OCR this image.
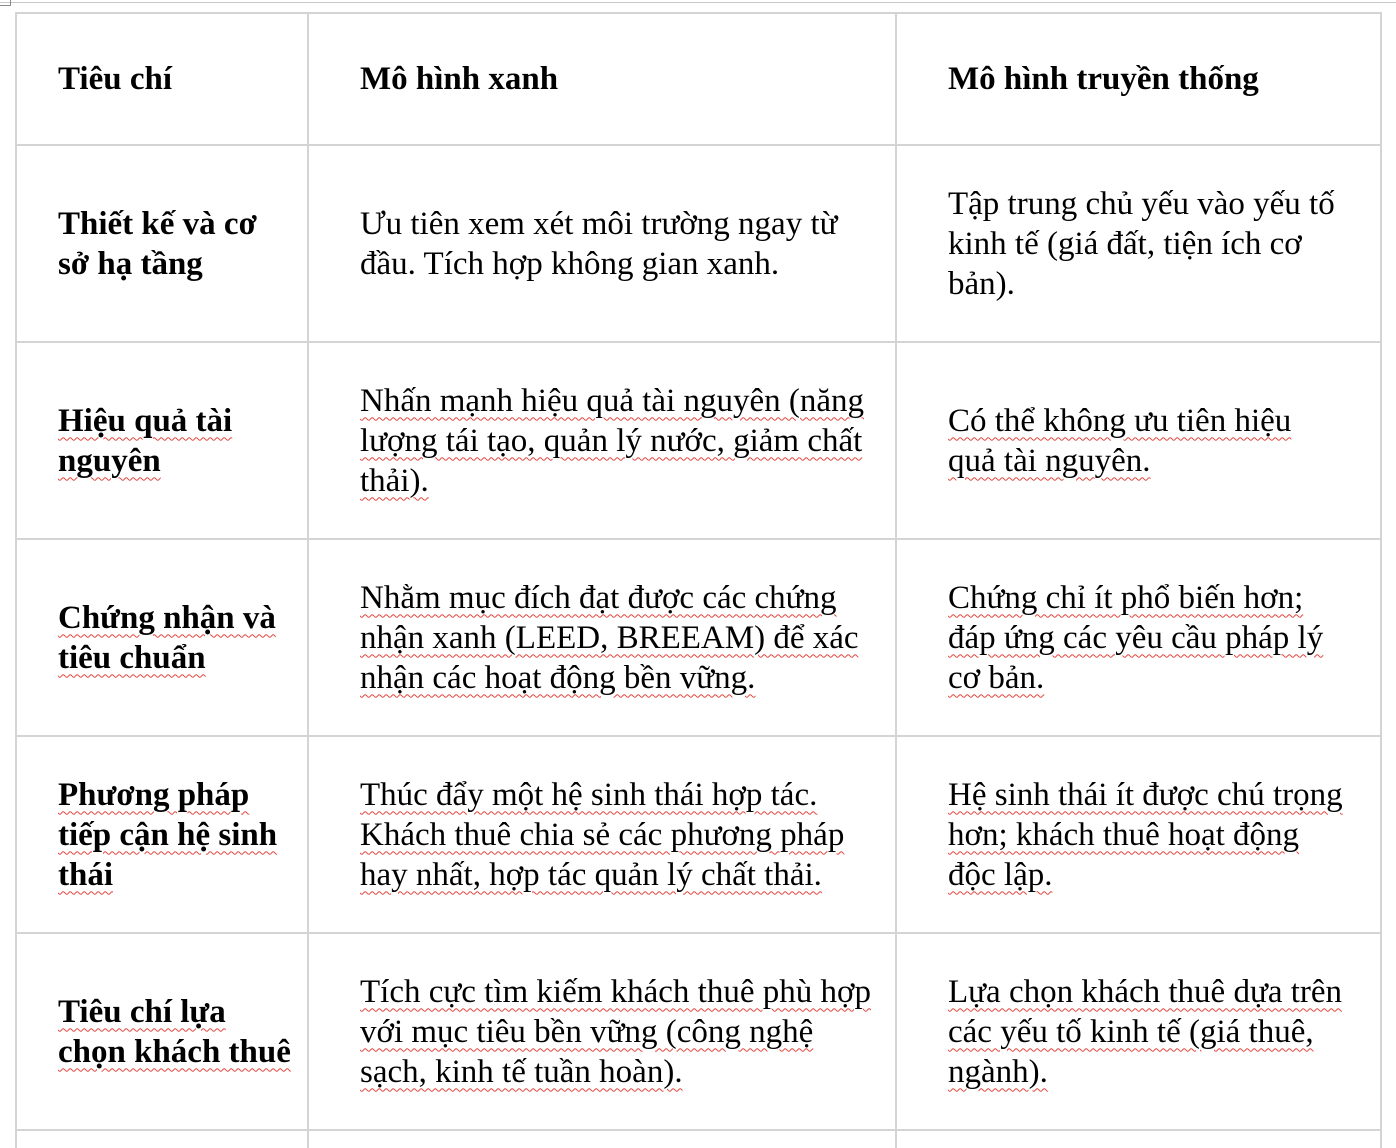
Tiêu chí	Mô hình xanh	Mô hình truyền thống
Thiết kế và cơ sở hạ tầng	Ưu tiên xem xét môi trường ngay từ đầu. Tích hợp không gian xanh.	Tập trung chủ yếu vào yếu tố kinh tế (giá đất, tiện ích cơ bản).
Hiệu quả tài nguyên	Nhấn mạnh hiệu quả tài nguyên (năng lượng tái tạo, quản lý nước, giảm chất thải).	Có thể không ưu tiên hiệu quả tài nguyên.
Chứng nhận và tiêu chuẩn	Nhằm mục đích đạt được các chứng nhận xanh (LEED, BREEAM) để xác nhận các hoạt động bền vững.	Chứng chỉ ít phổ biến hơn; đáp ứng các yêu cầu pháp lý cơ bản.
Phương pháp tiếp cận hệ sinh thái	Thúc đẩy một hệ sinh thái hợp tác. Khách thuê chia sẻ các phương pháp hay nhất, hợp tác quản lý chất thải.	Hệ sinh thái ít được chú trọng hơn; khách thuê hoạt động độc lập.
Tiêu chí lựa chọn khách thuê	Tích cực tìm kiếm khách thuê phù hợp với mục tiêu bền vững (công nghệ sạch, kinh tế tuần hoàn).	Lựa chọn khách thuê dựa trên các yếu tố kinh tế (giá thuê, ngành).
